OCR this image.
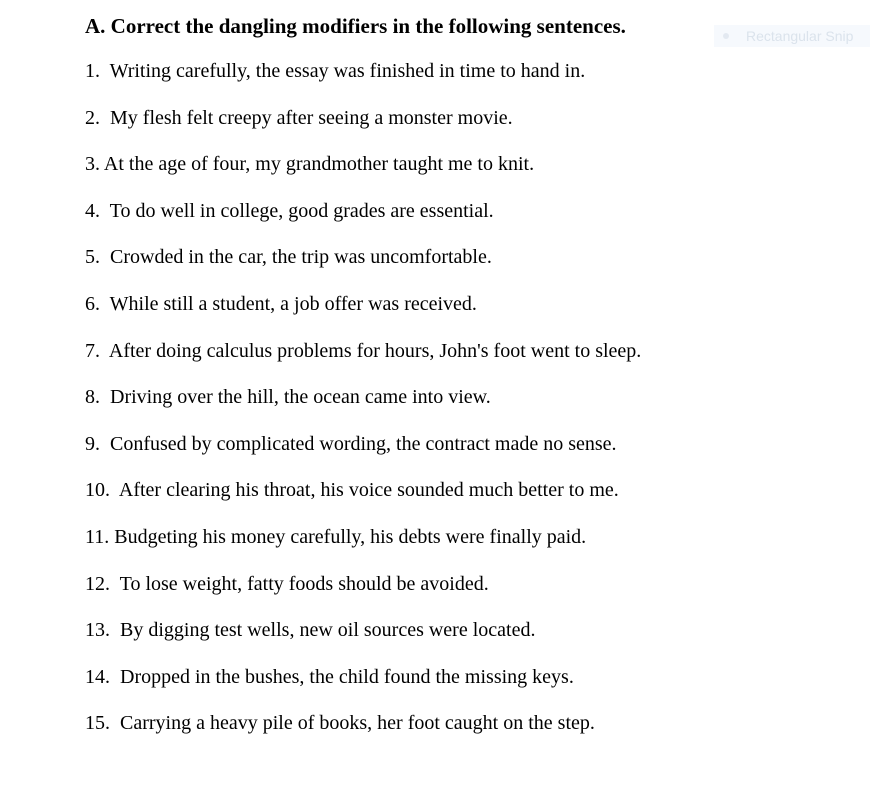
A. Correct the dangling modifiers in the following sentences.
1.  Writing carefully, the essay was finished in time to hand in.
2.  My flesh felt creepy after seeing a monster movie.
3. At the age of four, my grandmother taught me to knit.
4.  To do well in college, good grades are essential.
5.  Crowded in the car, the trip was uncomfortable.
6.  While still a student, a job offer was received.
7.  After doing calculus problems for hours, John's foot went to sleep.
8.  Driving over the hill, the ocean came into view.
9.  Confused by complicated wording, the contract made no sense.
10.  After clearing his throat, his voice sounded much better to me.
11. Budgeting his money carefully, his debts were finally paid.
12.  To lose weight, fatty foods should be avoided.
13.  By digging test wells, new oil sources were located.
14.  Dropped in the bushes, the child found the missing keys.
15.  Carrying a heavy pile of books, her foot caught on the step.
Rectangular Snip
